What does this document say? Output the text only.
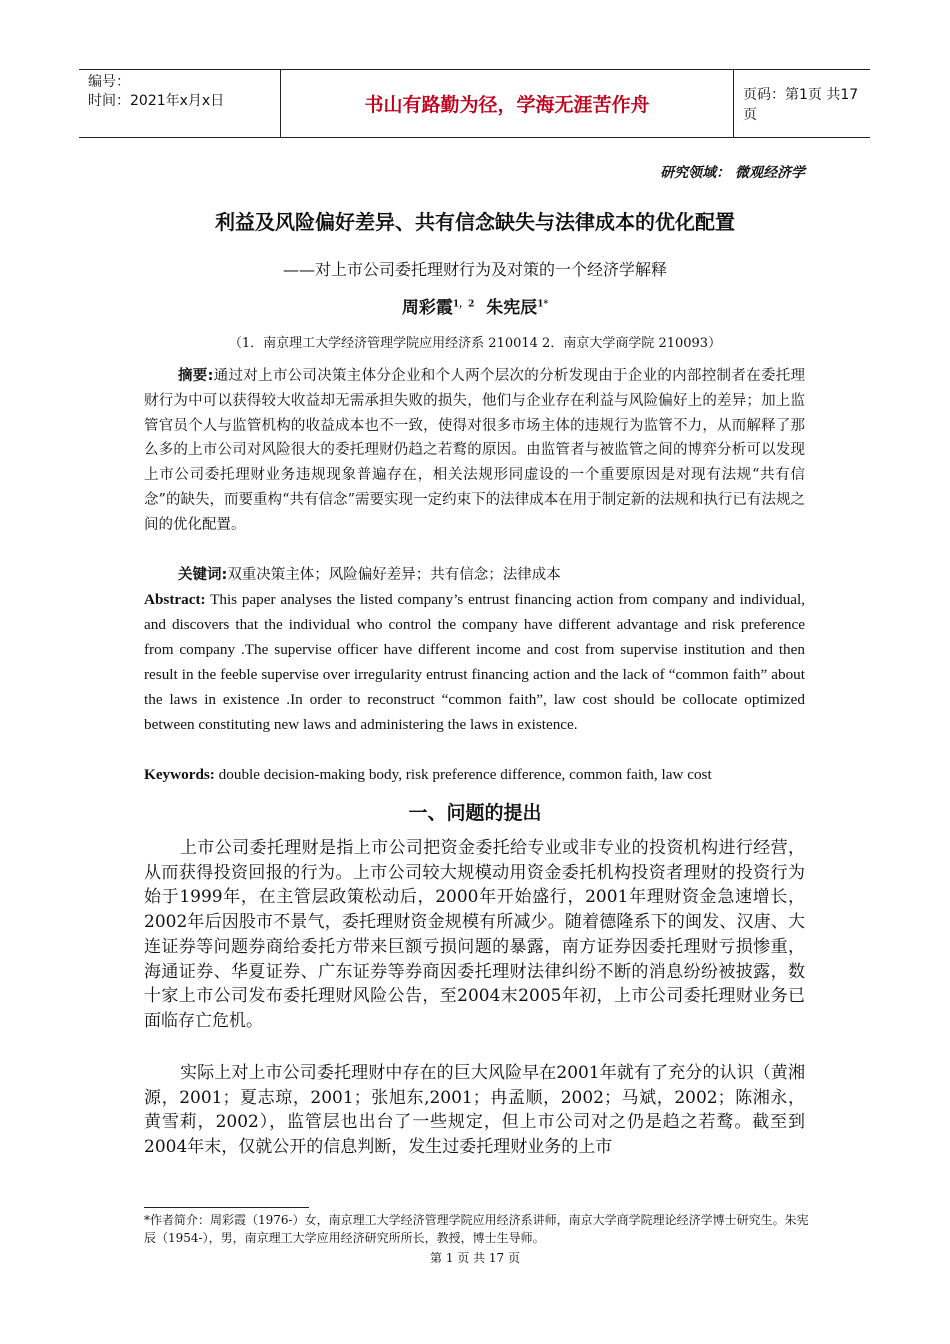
编号：
时间：2021年x月x日	书山有路勤为径，学海无涯苦作舟	页码：第1页 共17页
研究领域： 微观经济学
利益及风险偏好差异、共有信念缺失与法律成本的优化配置
——对上市公司委托理财行为及对策的一个经济学解释
周彩霞$^{1,2}$ 朱宪辰$^{1*}$
（1．南京理工大学经济管理学院应用经济系 210014 2．南京大学商学院 210093）
摘要:通过对上市公司决策主体分企业和个人两个层次的分析发现由于企业的内部控制者在委托理财行为中可以获得较大收益却无需承担失败的损失，他们与企业存在利益与风险偏好上的差异；加上监管官员个人与监管机构的收益成本也不一致，使得对很多市场主体的违规行为监管不力，从而解释了那么多的上市公司对风险很大的委托理财仍趋之若鹜的原因。由监管者与被监管之间的博弈分析可以发现上市公司委托理财业务违规现象普遍存在，相关法规形同虚设的一个重要原因是对现有法规“共有信念”的缺失，而要重构“共有信念”需要实现一定约束下的法律成本在用于制定新的法规和执行已有法规之间的优化配置。
关键词:双重决策主体；风险偏好差异；共有信念；法律成本
Abstract: This paper analyses the listed company’s entrust financing action from company and individual, and discovers that the individual who control the company have different advantage and risk preference from company .The supervise officer have different income and cost from supervise institution and then result in the feeble supervise over irregularity entrust financing action and the lack of “common faith” about the laws in existence .In order to reconstruct “common faith”, law cost should be collocate optimized between constituting new laws and administering the laws in existence.
Keywords: double decision-making body, risk preference difference, common faith, law cost
一、问题的提出
上市公司委托理财是指上市公司把资金委托给专业或非专业的投资机构进行经营，从而获得投资回报的行为。上市公司较大规模动用资金委托机构投资者理财的投资行为始于1999年，在主管层政策松动后，2000年开始盛行，2001年理财资金急速增长，2002年后因股市不景气，委托理财资金规模有所减少。随着德隆系下的闽发、汉唐、大连证券等问题券商给委托方带来巨额亏损问题的暴露，南方证券因委托理财亏损惨重，海通证券、华夏证券、广东证券等券商因委托理财法律纠纷不断的消息纷纷被披露，数十家上市公司发布委托理财风险公告，至2004末2005年初，上市公司委托理财业务已面临存亡危机。
实际上对上市公司委托理财中存在的巨大风险早在2001年就有了充分的认识（黄湘源，2001；夏志琼，2001；张旭东,2001；冉孟顺，2002；马斌，2002；陈湘永，黄雪莉，2002），监管层也出台了一些规定，但上市公司对之仍是趋之若鹜。截至到2004年末，仅就公开的信息判断，发生过委托理财业务的上市
*作者简介：周彩霞（1976-）女，南京理工大学经济管理学院应用经济系讲师，南京大学商学院理论经济学博士研究生。朱宪辰（1954-），男，南京理工大学应用经济研究所所长，教授，博士生导师。
第 1 页 共 17 页
